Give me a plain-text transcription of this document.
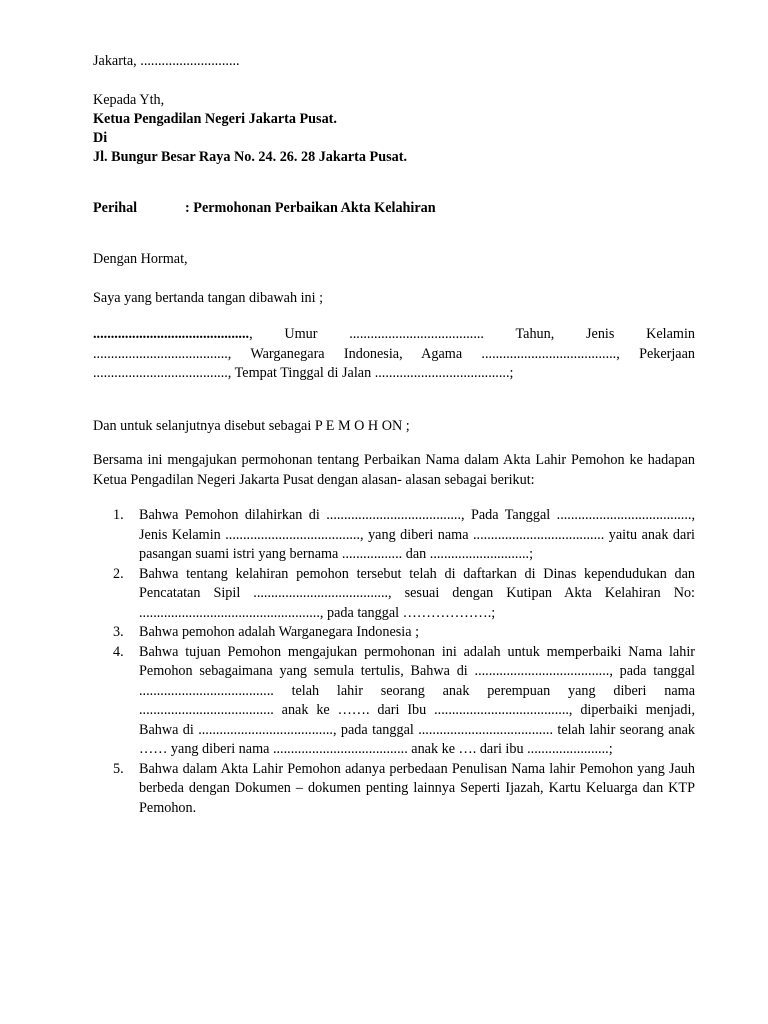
Jakarta, ............................

Kepada Yth,

Ketua Pengadilan Negeri Jakarta Pusat.

Di

Jl. Bungur Besar Raya No. 24. 26. 28 Jakarta Pusat.

Perihal	: Permohonan Perbaikan Akta Kelahiran

Dengan Hormat,

Saya yang bertanda tangan dibawah ini ;

............................................, Umur ...................................... Tahun, Jenis Kelamin

......................................, Warganegara Indonesia, Agama ......................................, Pekerjaan

......................................, Tempat Tinggal di Jalan ......................................;

Dan untuk selanjutnya disebut sebagai P E M O H ON ;

Bersama ini mengajukan permohonan tentang Perbaikan Nama dalam Akta Lahir Pemohon ke hadapan Ketua Pengadilan Negeri Jakarta Pusat dengan alasan- alasan sebagai berikut:

1. Bahwa Pemohon dilahirkan di ......................................, Pada Tanggal ......................................, Jenis Kelamin ......................................, yang diberi nama ..................................... yaitu anak dari pasangan suami istri yang bernama ................. dan ............................;
2. Bahwa tentang kelahiran pemohon tersebut telah di daftarkan di Dinas kependudukan dan Pencatatan Sipil ......................................, sesuai dengan Kutipan Akta Kelahiran No: ..................................................., pada tanggal ……………….;
3. Bahwa pemohon adalah Warganegara Indonesia ;
4. Bahwa tujuan Pemohon mengajukan permohonan ini adalah untuk memperbaiki Nama lahir Pemohon sebagaimana yang semula tertulis, Bahwa di ......................................, pada tanggal ...................................... telah lahir seorang anak perempuan yang diberi nama ...................................... anak ke ……. dari Ibu ......................................, diperbaiki menjadi, Bahwa di ......................................, pada tanggal ...................................... telah lahir seorang anak …… yang diberi nama ...................................... anak ke …. dari ibu .......................;
5. Bahwa dalam Akta Lahir Pemohon adanya perbedaan Penulisan Nama lahir Pemohon yang Jauh berbeda dengan Dokumen – dokumen penting lainnya Seperti Ijazah, Kartu Keluarga dan KTP Pemohon.
